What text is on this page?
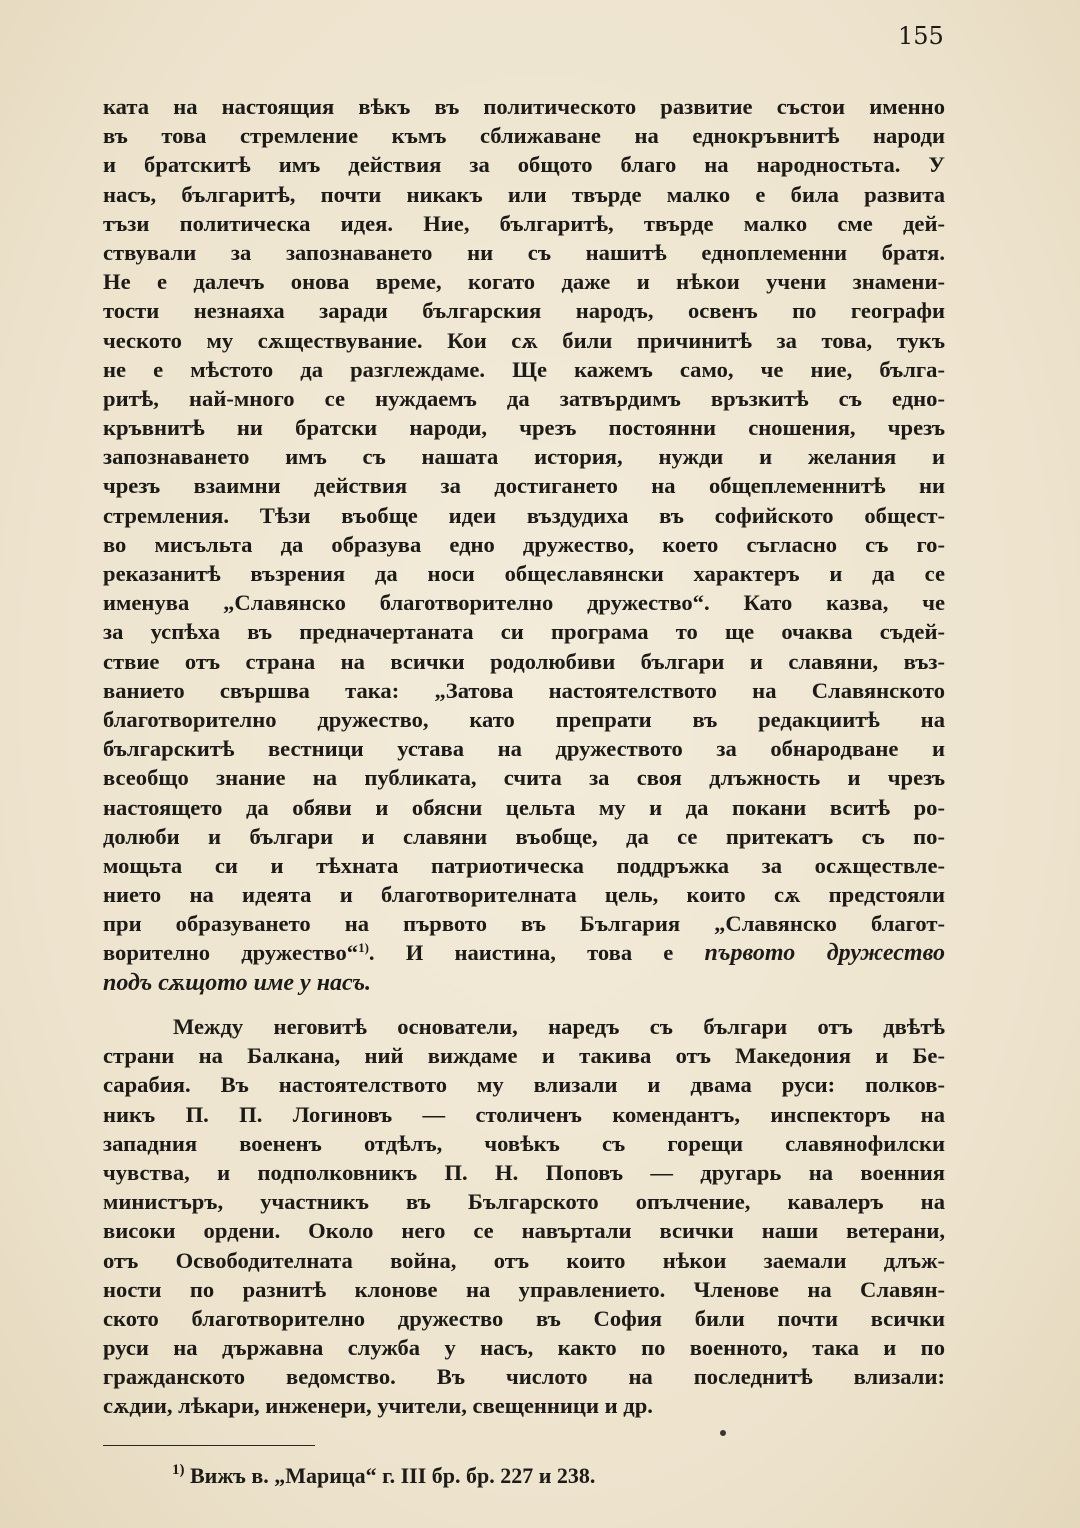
155
ката на настоящия вѣкъ въ политическото развитие състои именно
въ това стремление къмъ сближаване на еднокръвнитѣ народи
и братскитѣ имъ действия за общото благо на народностьта. У
насъ, българитѣ, почти никакъ или твърде малко е била развита
тъзи политическа идея. Ние, българитѣ, твърде малко сме дей-
ствували за запознаването ни съ нашитѣ едноплеменни братя.
Не е далечъ онова време, когато даже и нѣкои учени знамени-
тости незнаяха заради българския народъ, освенъ по географи
ческото му сѫществувание. Кои сѫ били причинитѣ за това, тукъ
не е мѣстото да разглеждаме. Ще кажемъ само, че ние, бълга-
ритѣ, най-много се нуждаемъ да затвърдимъ връзкитѣ съ едно-
кръвнитѣ ни братски народи, чрезъ постоянни сношения, чрезъ
запознаването имъ съ нашата история, нужди и желания и
чрезъ взаимни действия за достигането на общеплеменнитѣ ни
стремления. Тѣзи въобще идеи въздудиха въ софийското общест-
во мисъльта да образува едно дружество, което съгласно съ го-
реказанитѣ възрения да носи общеславянски характеръ и да се
именува „Славянско благотворително дружество“. Като казва, че
за успѣха въ предначертаната си програма то ще очаква съдей-
ствие отъ страна на всички родолюбиви българи и славяни, въз-
ванието свършва така: „Затова настоятелството на Славянското
благотворително дружество, като препрати въ редакциитѣ на
българскитѣ вестници устава на дружеството за обнародване и
всеобщо знание на публиката, счита за своя длъжность и чрезъ
настоящето да обяви и обясни цельта му и да покани вситѣ ро-
долюби и българи и славяни въобще, да се притекатъ съ по-
мощьта си и тѣхната патриотическа поддръжка за осѫществле-
нието на идеята и благотворителната цель, които сѫ предстояли
при образуването на първото въ България „Славянско благот-
ворително дружество“$^{1)}$. И наистина, това е първото дружество
подъ сѫщото име у насъ.
Между неговитѣ основатели, наредъ съ българи отъ двѣтѣ
страни на Балкана, ний виждаме и такива отъ Македония и Бе-
сарабия. Въ настоятелството му влизали и двама руси: полков-
никъ П. П. Логиновъ — столиченъ комендантъ, инспекторъ на
западния воененъ отдѣлъ, човѣкъ съ горещи славянофилски
чувства, и подполковникъ П. Н. Поповъ — другарь на военния
министъръ, участникъ въ Българското опълчение, кавалеръ на
високи ордени. Около него се навъртали всички наши ветерани,
отъ Освободителната война, отъ които нѣкои заемали длъж-
ности по разнитѣ клонове на управлението. Членове на Славян-
ското благотворително дружество въ София били почти всички
руси на държавна служба у насъ, както по военното, така и по
гражданското ведомство. Въ числото на последнитѣ влизали:
сѫдии, лѣкари, инженери, учители, свещенници и др.
$^{1)}$ Вижъ в. „Марица“ г. III бр. бр. 227 и 238.
